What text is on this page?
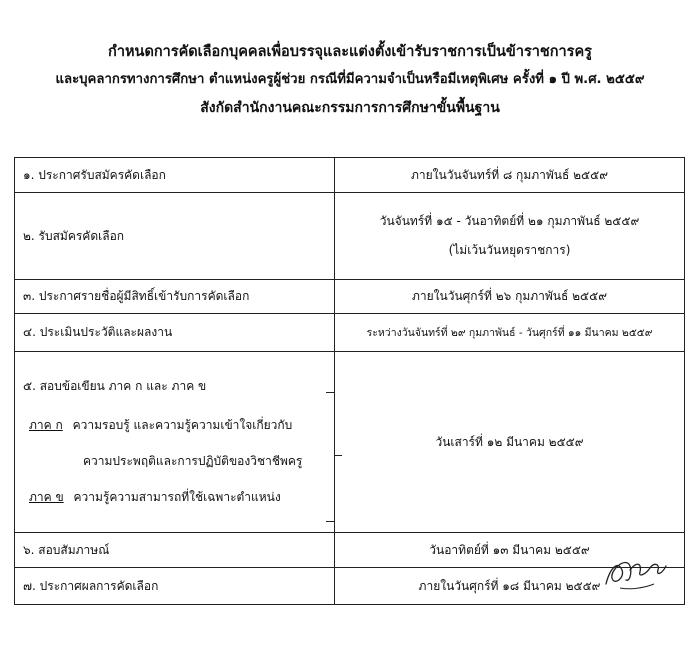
กำหนดการคัดเลือกบุคคลเพื่อบรรจุและแต่งตั้งเข้ารับราชการเป็นข้าราชการครู
และบุคลากรทางการศึกษา ตำแหน่งครูผู้ช่วย กรณีที่มีความจำเป็นหรือมีเหตุพิเศษ ครั้งที่ ๑ ปี พ.ศ. ๒๕๕๙
สังกัดสำนักงานคณะกรรมการการศึกษาขั้นพื้นฐาน
๑. ประกาศรับสมัครคัดเลือก	ภายในวันจันทร์ที่ ๘ กุมภาพันธ์ ๒๕๕๙
๒. รับสมัครคัดเลือก	วันจันทร์ที่ ๑๕ - วันอาทิตย์ที่ ๒๑ กุมภาพันธ์ ๒๕๕๙
(ไม่เว้นวันหยุดราชการ)

๓. ประกาศรายชื่อผู้มีสิทธิ์เข้ารับการคัดเลือก	ภายในวันศุกร์ที่ ๒๖ กุมภาพันธ์ ๒๕๕๙
๔. ประเมินประวัติและผลงาน	ระหว่างวันจันทร์ที่ ๒๙ กุมภาพันธ์ - วันศุกร์ที่ ๑๑ มีนาคม ๒๕๕๙

๕. สอบข้อเขียน ภาค ก และ ภาค ข
ภาค ก ความรอบรู้ และความรู้ความเข้าใจเกี่ยวกับ
ความประพฤติและการปฏิบัติของวิชาชีพครู
ภาค ข ความรู้ความสามารถที่ใช้เฉพาะตำแหน่ง	วันเสาร์ที่ ๑๒ มีนาคม ๒๕๕๙
๖. สอบสัมภาษณ์	วันอาทิตย์ที่ ๑๓ มีนาคม ๒๕๕๙
๗. ประกาศผลการคัดเลือก	ภายในวันศุกร์ที่ ๑๘ มีนาคม ๒๕๕๙
